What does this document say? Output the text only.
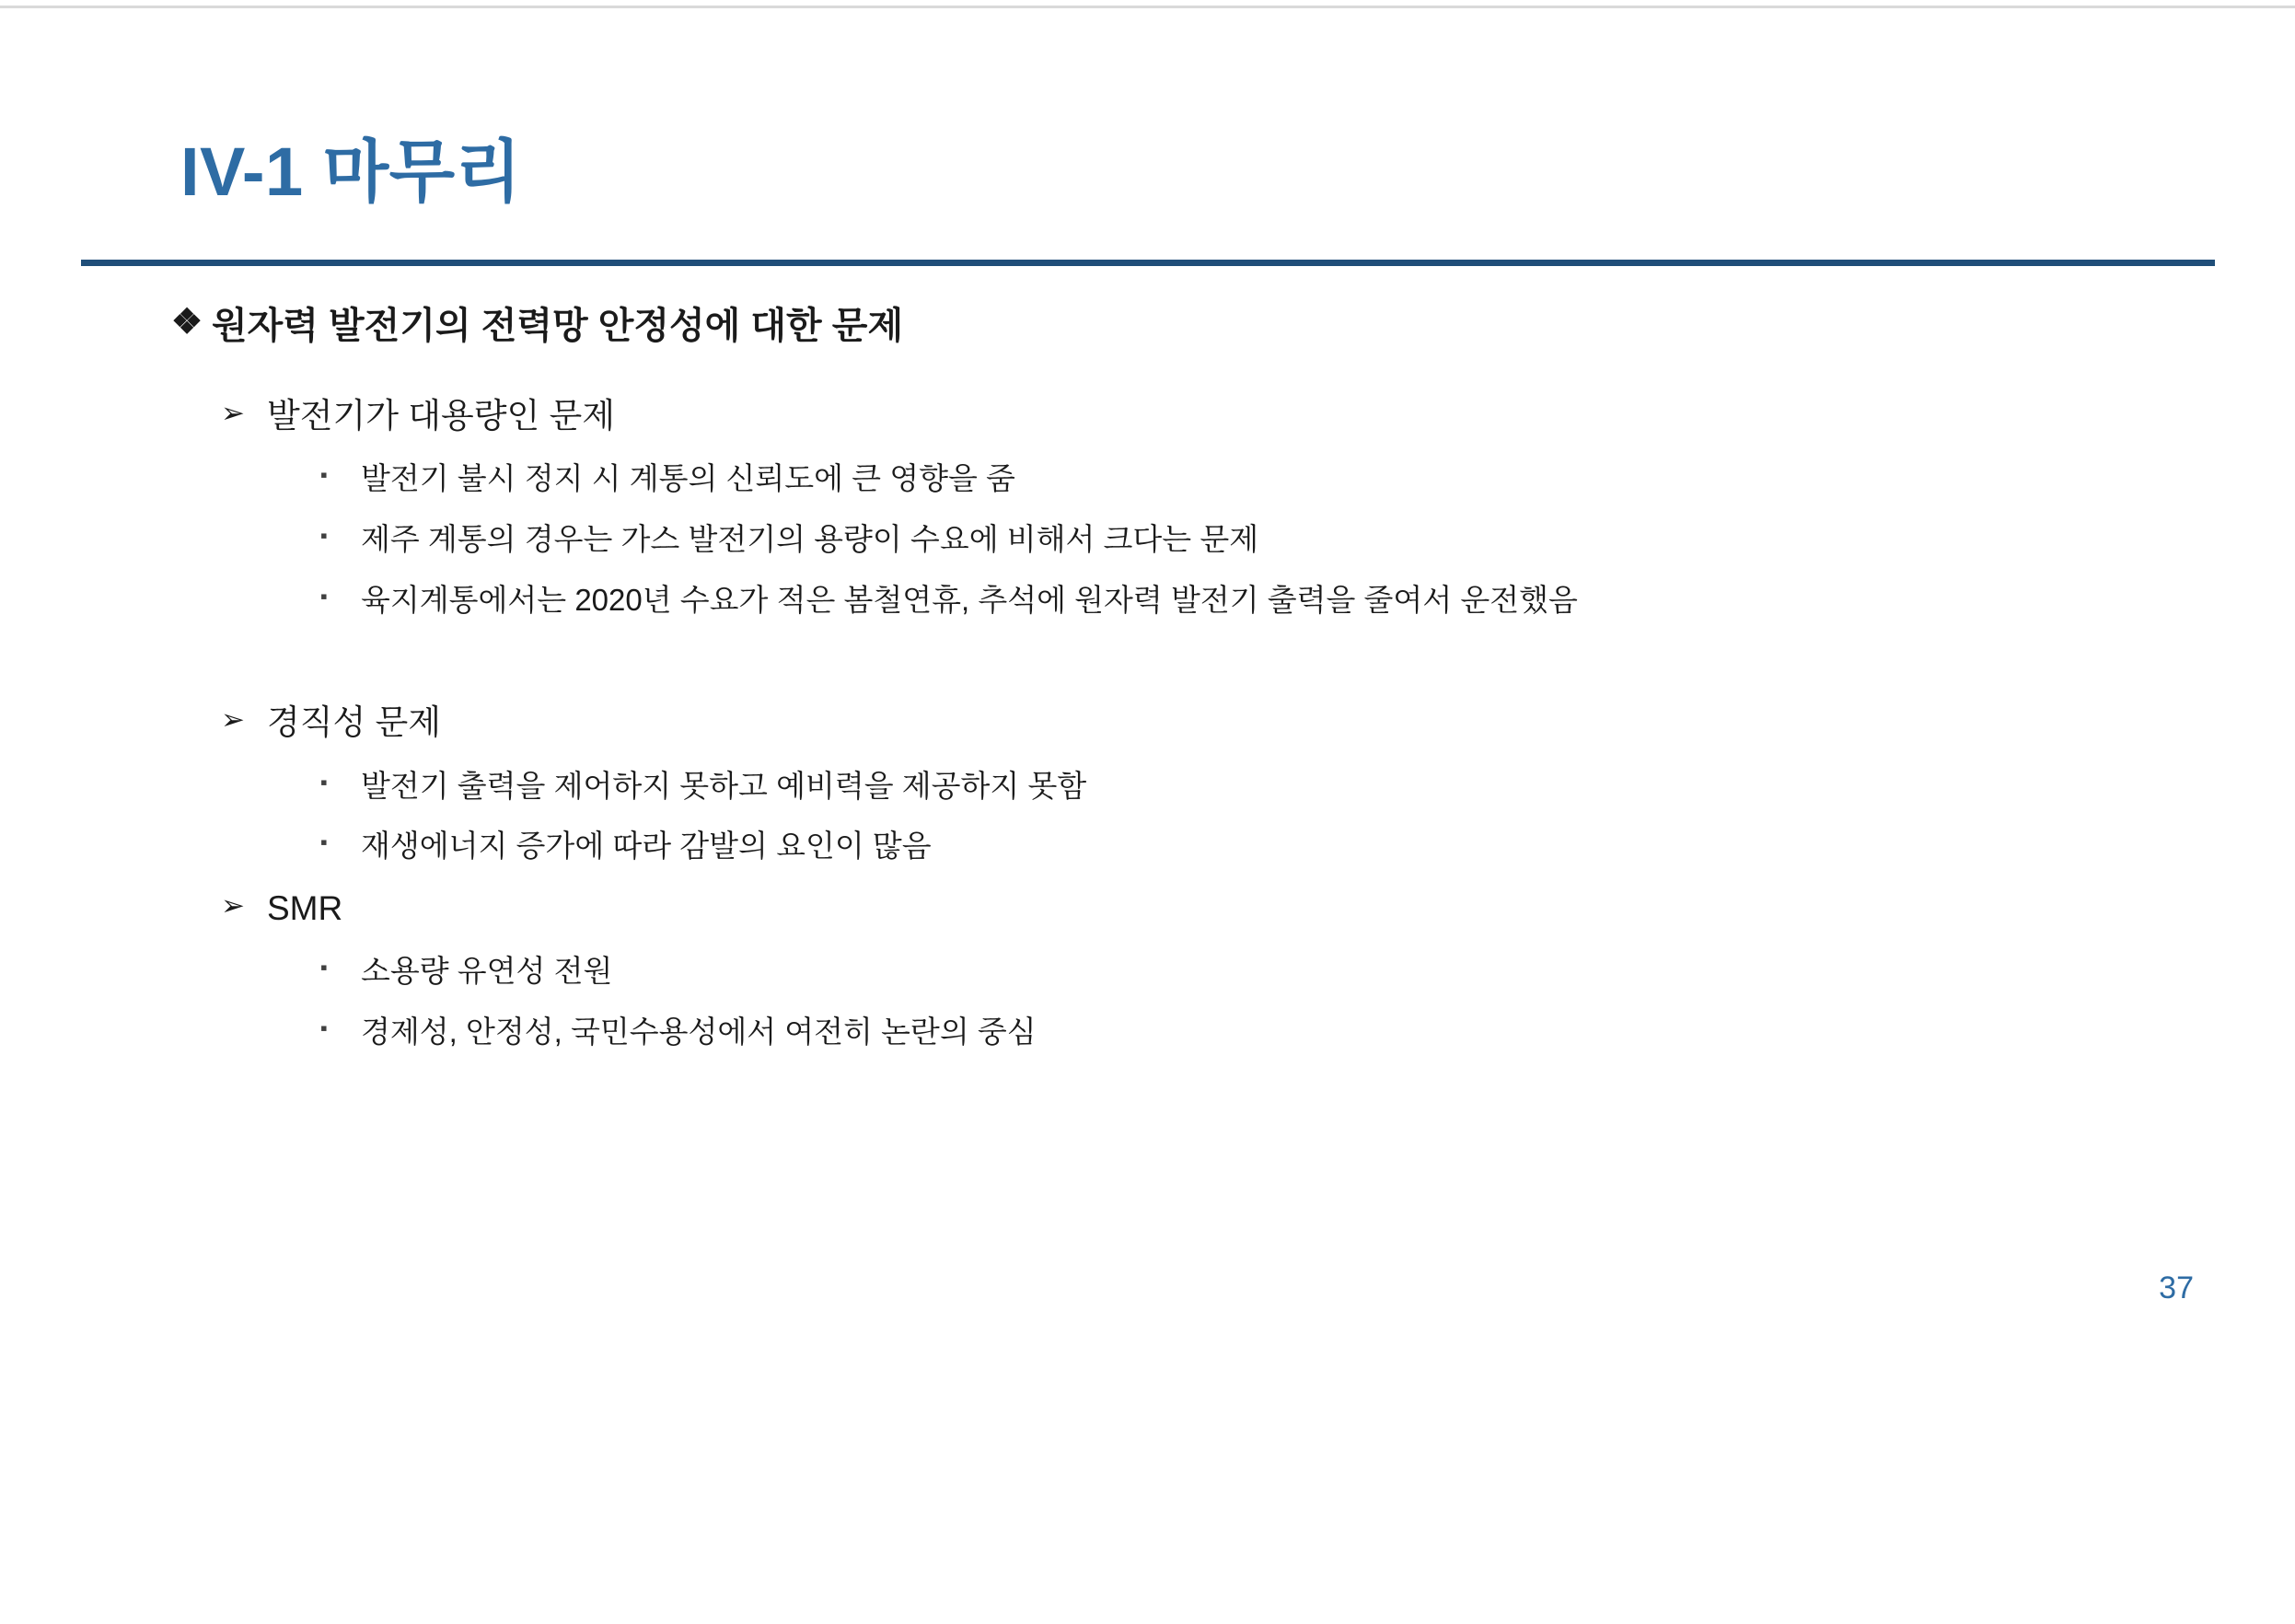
IV-1 마무리
❖ 원자력 발전기의 전력망 안정성에 대한 문제
➢ 발전기가 대용량인 문제
▪ 발전기 불시 정지 시 계통의 신뢰도에 큰 영향을 줌
▪ 제주 계통의 경우는 가스 발전기의 용량이 수요에 비해서 크다는 문제
▪ 육지계통에서는 2020년 수요가 적은 봄철연휴, 추석에 원자력 발전기 출력을 줄여서 운전했음
➢ 경직성 문제
▪ 발전기 출력을 제어하지 못하고 예비력을 제공하지 못함
▪ 재생에너지 증가에 따라 감발의 요인이 많음
➢ SMR
▪ 소용량 유연성 전원
▪ 경제성, 안정성, 국민수용성에서 여전히 논란의 중심
37
